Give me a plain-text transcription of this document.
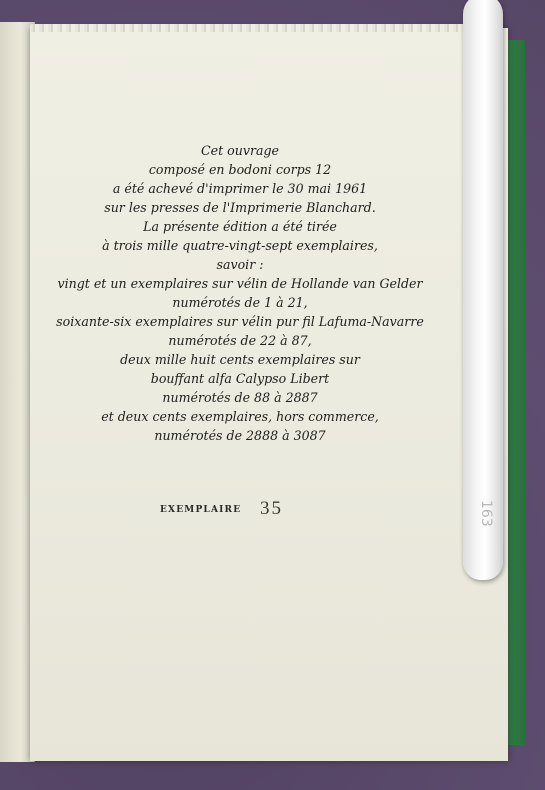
Cet ouvrage
composé en bodoni corps 12
a été achevé d'imprimer le 30 mai 1961
sur les presses de l'Imprimerie Blanchard.
La présente édition a été tirée
à trois mille quatre-vingt-sept exemplaires,
savoir :
vingt et un exemplaires sur vélin de Hollande van Gelder
numérotés de 1 à 21,
soixante-six exemplaires sur vélin pur fil Lafuma-Navarre
numérotés de 22 à 87,
deux mille huit cents exemplaires sur
bouffant alfa Calypso Libert
numérotés de 88 à 2887
et deux cents exemplaires, hors commerce,
numérotés de 2888 à 3087
EXEMPLAIRE 35	163
